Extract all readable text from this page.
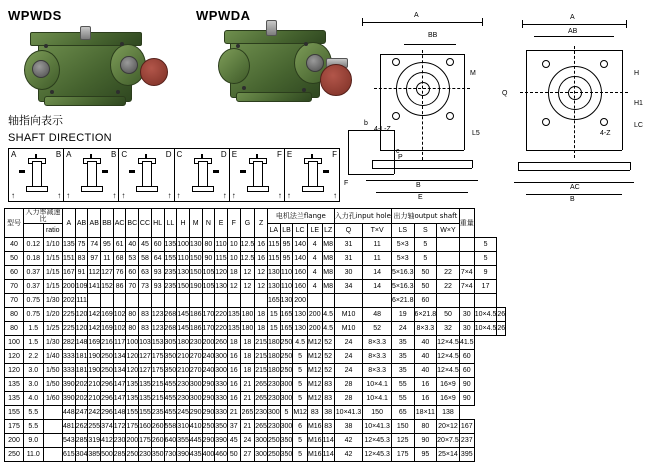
WPWDS	WPWDA
轴指向表示
SHAFT DIRECTION
A	B
↑	↑
A	B
↑	↑
C	D
↑	↑
C	D
↑	↑
E	F
↑	↑
E	F
↑	↑
A
BB
B
E
P
L5
M
A
AB
4-Z
AC
B
H
H1
LC
Q
b
c
F
型号	入力率减速比		A	AB	AB	BB	AC	BC	CC	HL	LL	H	M	N	E	F	G	Z	电机法兰flange					入力孔input hole		出力轴output shaft			重量		
		ratio																	LA	LB	LC	LE	LZ	Q	T×V	LS	S	W×Y			
40	0.12	1/10	135	75	74	95	61	40	45	60	135	100	130	80	110	10	12.5	16	115	95	140	4	M8	31	11	5×3	5			5	
50	0.18	1/15	151	83	97	11	68	53	58	64	155	110	150	90	115	10	12.5	16	115	95	140	4	M8	31	11	5×3	5			5	
60	0.37	1/15	167	91	112	127	76	60	63	93	235	130	150	105	120	18	12	12	130	110	160	4	M8	30	14	5×16.3	50	22	7×4	9	
70	0.37	1/15	200	109	141	152	86	70	73	93	235	150	190	105	130	12	12	12	130	110	160	4	M8	34	14	5×16.3	50	22	7×4	17	
70	0.75	1/30	202	111															165	130	200					6×21.8	60				
80	0.75	1/20	225	120	142	169	102	80	83	123	268	145	186	170	220	135	180	18	15	165	130	200	4.5	M10	48	19	6×21.8	50	30	10×4.5	26
80	1.5	1/25	225	120	142	169	102	80	83	123	268	145	186	170	220	135	180	18	15	165	130	200	4.5	M10	52	24	8×3.3	32	30	10×4.5	26
100	1.5	1/30	282	148	169	216	117	100	103	153	305	180	230	200	260	18	18	215	180	250	4.5	M12	52	24	8×3.3	35	40	12×4.5	41.5		
120	2.2	1/40	333	181	190	250	134	120	127	175	350	210	270	240	300	16	18	215	180	250	5	M12	52	24	8×3.3	35	40	12×4.5	60		
120	3.0	1/50	333	181	190	250	134	120	127	175	350	210	270	240	300	16	18	215	180	250	5	M12	52	24	8×3.3	35	40	12×4.5	60		
135	3.0	1/50	390	202	210	296	147	135	135	215	455	230	300	290	330	16	21	265	230	300	5	M12	83	28	10×4.1	55	16	16×9	90		
135	4.0	1/60	390	202	210	296	147	135	135	215	455	230	300	290	330	16	21	265	230	300	5	M12	83	28	10×4.1	55	16	16×9	90		
155	5.5		448	247	242	296	148	155	155	235	455	245	290	290	330	21	265	230	300	5	M12	83	38	10×41.3	150	65	18×11	138			
175	5.5		481	262	255	374	172	175	160	260	558	310	410	250	350	37	21	265	230	300	6	M16	83	38	10×41.3	150	80	20×12	167		
200	9.0		543	285	319	412	230	200	175	260	640	355	445	290	390	45	24	300	250	350	5	M16	114	42	12×45.3	125	90	20×7.5	237		
250	11.0		615	304	385	500	285	250	230	350	730	390	435	400	460	50	27	300	250	350	5	M16	114	42	12×45.3	175	95	25×14	395		
